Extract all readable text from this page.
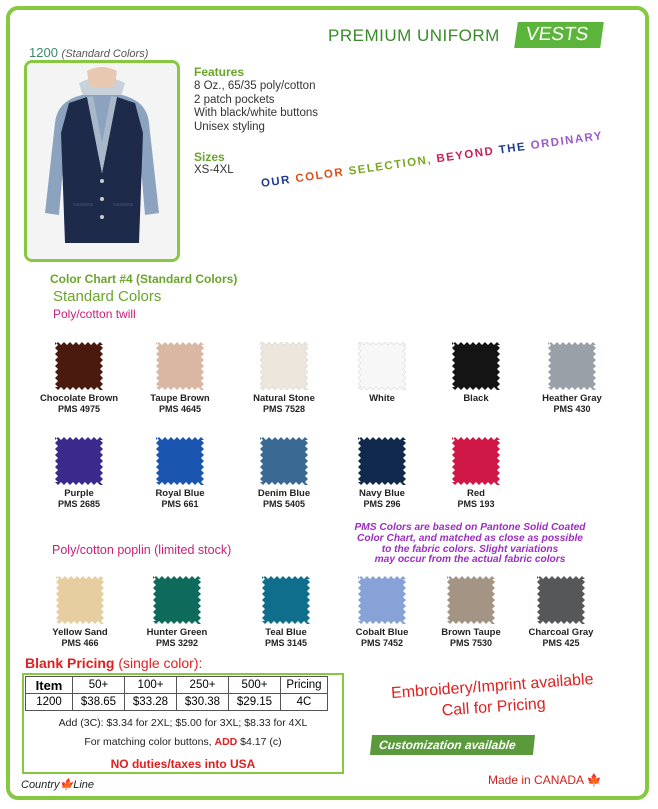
PREMIUM UNIFORM	VESTS
1200 (Standard Colors)
Features
8 Oz., 65/35 poly/cotton
2 patch pockets
With black/white buttons
Unisex styling
Sizes
XS-4XL
OUR COLOR SELECTION, BEYOND THE ORDINARY
Color Chart #4 (Standard Colors)
Standard Colors
Poly/cotton twill
Chocolate Brown
PMS 4975
Taupe Brown
PMS 4645
Natural Stone
PMS 7528
White	Black	Heather Gray
PMS 430
Purple
PMS 2685
Royal Blue
PMS 661
Denim Blue
PMS 5405
Navy Blue
PMS 296
Red
PMS 193
Poly/cotton poplin (limited stock)
PMS Colors are based on Pantone Solid Coated
Color Chart, and matched as close as possible
to the fabric colors. Slight variations
may occur from the actual fabric colors
Yellow Sand
PMS 466
Hunter Green
PMS 3292
Teal Blue
PMS 3145
Cobalt Blue
PMS 7452
Brown Taupe
PMS 7530
Charcoal Gray
PMS 425
Blank Pricing (single color):
Item	50+	100+	250+	500+	Pricing
1200	$38.65	$33.28	$30.38	$29.15	4C
Add (3C): $3.34 for 2XL; $5.00 for 3XL; $8.33 for 4XL
For matching color buttons, ADD $4.17 (c)
NO duties/taxes into USA
Embroidery/Imprint available
Call for Pricing
Customization available
Country🍁Line	Made in CANADA 🍁
